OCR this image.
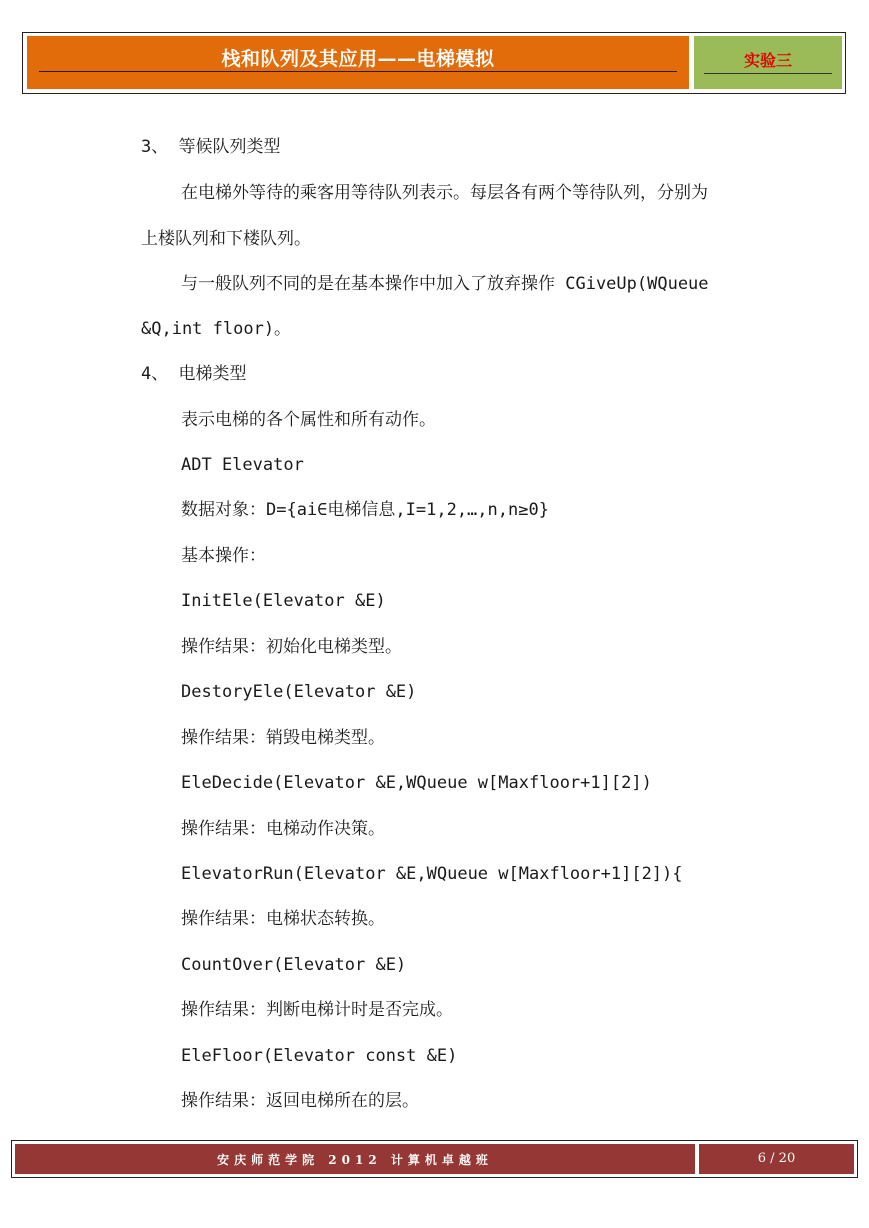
栈和队列及其应用——电梯模拟	实验三
3、 等候队列类型
在电梯外等待的乘客用等待队列表示。每层各有两个等待队列，分别为
上楼队列和下楼队列。
与一般队列不同的是在基本操作中加入了放弃操作 CGiveUp(WQueue
&Q,int floor)。
4、 电梯类型
表示电梯的各个属性和所有动作。
ADT Elevator
数据对象：D={ai∈电梯信息,I=1,2,…,n,n≥0}
基本操作：
InitEle(Elevator &E)
操作结果：初始化电梯类型。
DestoryEle(Elevator &E)
操作结果：销毁电梯类型。
EleDecide(Elevator &E,WQueue w[Maxfloor+1][2])
操作结果：电梯动作决策。
ElevatorRun(Elevator &E,WQueue w[Maxfloor+1][2]){
操作结果：电梯状态转换。
CountOver(Elevator &E)
操作结果：判断电梯计时是否完成。
EleFloor(Elevator const &E)
操作结果：返回电梯所在的层。
安庆师范学院 2012 计算机卓越班	6 / 20
